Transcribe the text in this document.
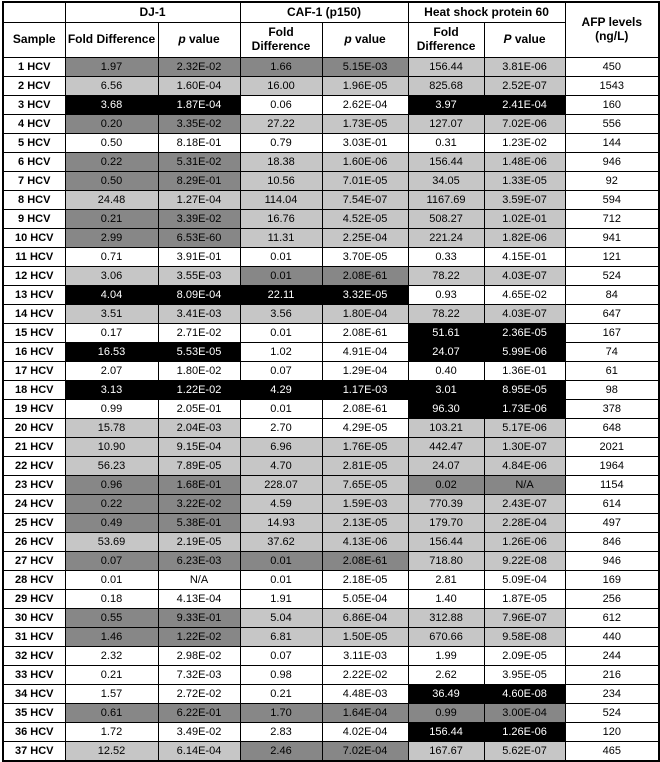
	DJ-1		CAF-1 (p150)		Heat shock protein 60		AFP levels (ng/L)
Sample	Fold Difference	p value	Fold Difference	p value	Fold Difference	P value	
1 HCV	1.97	2.32E-02	1.66	5.15E-03	156.44	3.81E-06	450
2 HCV	6.56	1.60E-04	16.00	1.96E-05	825.68	2.52E-07	1543
3 HCV	3.68	1.87E-04	0.06	2.62E-04	3.97	2.41E-04	160
4 HCV	0.20	3.35E-02	27.22	1.73E-05	127.07	7.02E-06	556
5 HCV	0.50	8.18E-01	0.79	3.03E-01	0.31	1.23E-02	144
6 HCV	0.22	5.31E-02	18.38	1.60E-06	156.44	1.48E-06	946
7 HCV	0.50	8.29E-01	10.56	7.01E-05	34.05	1.33E-05	92
8 HCV	24.48	1.27E-04	114.04	7.54E-07	1167.69	3.59E-07	594
9 HCV	0.21	3.39E-02	16.76	4.52E-05	508.27	1.02E-01	712
10 HCV	2.99	6.53E-60	11.31	2.25E-04	221.24	1.82E-06	941
11 HCV	0.71	3.91E-01	0.01	3.70E-05	0.33	4.15E-01	121
12 HCV	3.06	3.55E-03	0.01	2.08E-61	78.22	4.03E-07	524
13 HCV	4.04	8.09E-04	22.11	3.32E-05	0.93	4.65E-02	84
14 HCV	3.51	3.41E-03	3.56	1.80E-04	78.22	4.03E-07	647
15 HCV	0.17	2.71E-02	0.01	2.08E-61	51.61	2.36E-05	167
16 HCV	16.53	5.53E-05	1.02	4.91E-04	24.07	5.99E-06	74
17 HCV	2.07	1.80E-02	0.07	1.29E-04	0.40	1.36E-01	61
18 HCV	3.13	1.22E-02	4.29	1.17E-03	3.01	8.95E-05	98
19 HCV	0.99	2.05E-01	0.01	2.08E-61	96.30	1.73E-06	378
20 HCV	15.78	2.04E-03	2.70	4.29E-05	103.21	5.17E-06	648
21 HCV	10.90	9.15E-04	6.96	1.76E-05	442.47	1.30E-07	2021
22 HCV	56.23	7.89E-05	4.70	2.81E-05	24.07	4.84E-06	1964
23 HCV	0.96	1.68E-01	228.07	7.65E-05	0.02	N/A	1154
24 HCV	0.22	3.22E-02	4.59	1.59E-03	770.39	2.43E-07	614
25 HCV	0.49	5.38E-01	14.93	2.13E-05	179.70	2.28E-04	497
26 HCV	53.69	2.19E-05	37.62	4.13E-06	156.44	1.26E-06	846
27 HCV	0.07	6.23E-03	0.01	2.08E-61	718.80	9.22E-08	946
28 HCV	0.01	N/A	0.01	2.18E-05	2.81	5.09E-04	169
29 HCV	0.18	4.13E-04	1.91	5.05E-04	1.40	1.87E-05	256
30 HCV	0.55	9.33E-01	5.04	6.86E-04	312.88	7.96E-07	612
31 HCV	1.46	1.22E-02	6.81	1.50E-05	670.66	9.58E-08	440
32 HCV	2.32	2.98E-02	0.07	3.11E-03	1.99	2.09E-05	244
33 HCV	0.21	7.32E-03	0.98	2.22E-02	2.62	3.95E-05	216
34 HCV	1.57	2.72E-02	0.21	4.48E-03	36.49	4.60E-08	234
35 HCV	0.61	6.22E-01	1.70	1.64E-04	0.99	3.00E-04	524
36 HCV	1.72	3.49E-02	2.83	4.02E-04	156.44	1.26E-06	120
37 HCV	12.52	6.14E-04	2.46	7.02E-04	167.67	5.62E-07	465
